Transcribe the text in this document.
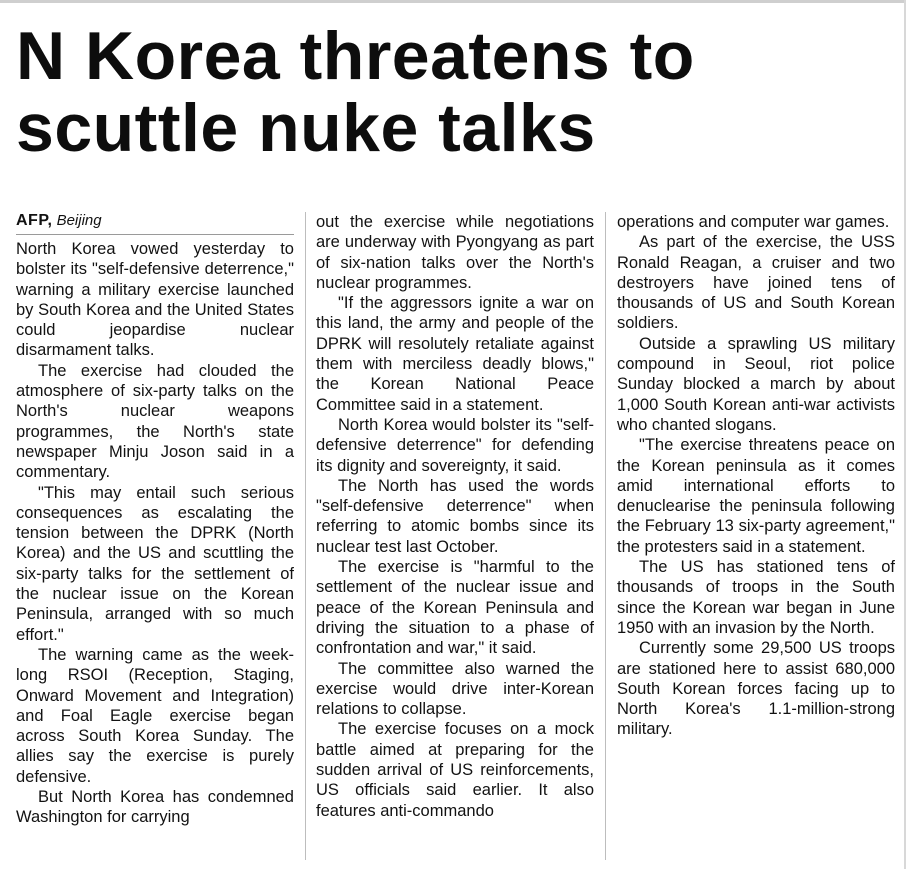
N Korea threatens to
scuttle nuke talks
AFP, Beijing

North Korea vowed yesterday to bolster its "self-defensive deterrence," warning a military exercise launched by South Korea and the United States could jeopardise nuclear disarmament talks.

The exercise had clouded the atmosphere of six-party talks on the North's nuclear weapons programmes, the North's state newspaper Minju Joson said in a commentary.

"This may entail such serious consequences as escalating the tension between the DPRK (North Korea) and the US and scuttling the six-party talks for the settlement of the nuclear issue on the Korean Peninsula, arranged with so much effort."

The warning came as the week-long RSOI (Reception, Staging, Onward Movement and Integration) and Foal Eagle exercise began across South Korea Sunday. The allies say the exercise is purely defensive.

But North Korea has condemned Washington for carrying

out the exercise while negotiations are underway with Pyongyang as part of six-nation talks over the North's nuclear programmes.

"If the aggressors ignite a war on this land, the army and people of the DPRK will resolutely retaliate against them with merciless deadly blows," the Korean National Peace Committee said in a statement.

North Korea would bolster its "self-defensive deterrence" for defending its dignity and sovereignty, it said.

The North has used the words "self-defensive deterrence" when referring to atomic bombs since its nuclear test last October.

The exercise is "harmful to the settlement of the nuclear issue and peace of the Korean Peninsula and driving the situation to a phase of confrontation and war," it said.

The committee also warned the exercise would drive inter-Korean relations to collapse.

The exercise focuses on a mock battle aimed at preparing for the sudden arrival of US reinforcements, US officials said earlier. It also features anti-commando

operations and computer war games.

As part of the exercise, the USS Ronald Reagan, a cruiser and two destroyers have joined tens of thousands of US and South Korean soldiers.

Outside a sprawling US military compound in Seoul, riot police Sunday blocked a march by about 1,000 South Korean anti-war activists who chanted slogans.

"The exercise threatens peace on the Korean peninsula as it comes amid international efforts to denuclearise the peninsula following the February 13 six-party agreement," the protesters said in a statement.

The US has stationed tens of thousands of troops in the South since the Korean war began in June 1950 with an invasion by the North.

Currently some 29,500 US troops are stationed here to assist 680,000 South Korean forces facing up to North Korea's 1.1-million-strong military.
